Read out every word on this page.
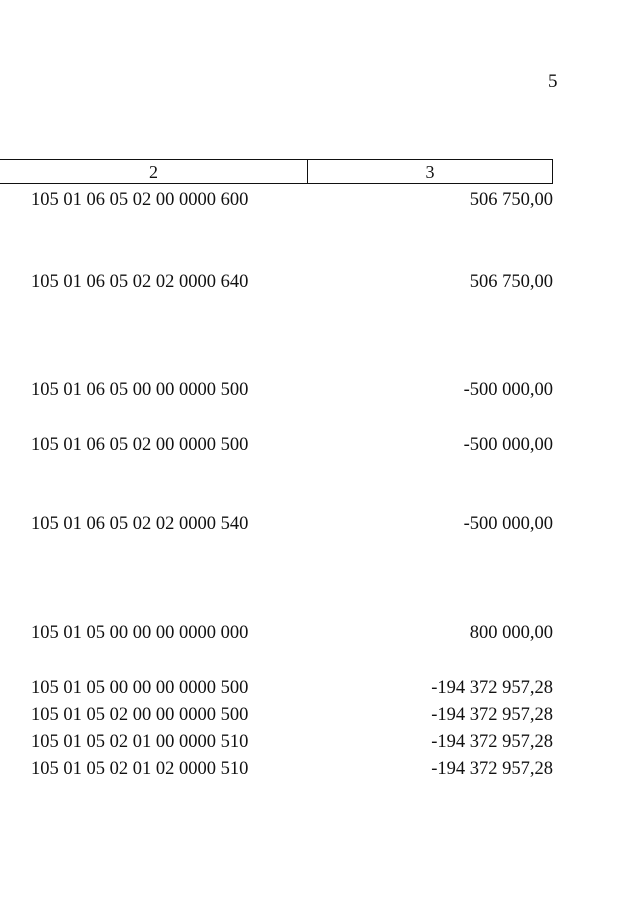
5
2	3
105 01 06 05 02 00 0000 600	506 750,00
105 01 06 05 02 02 0000 640	506 750,00
105 01 06 05 00 00 0000 500	-500 000,00
105 01 06 05 02 00 0000 500	-500 000,00
105 01 06 05 02 02 0000 540	-500 000,00
105 01 05 00 00 00 0000 000	800 000,00
105 01 05 00 00 00 0000 500	-194 372 957,28
105 01 05 02 00 00 0000 500	-194 372 957,28
105 01 05 02 01 00 0000 510	-194 372 957,28
105 01 05 02 01 02 0000 510	-194 372 957,28
